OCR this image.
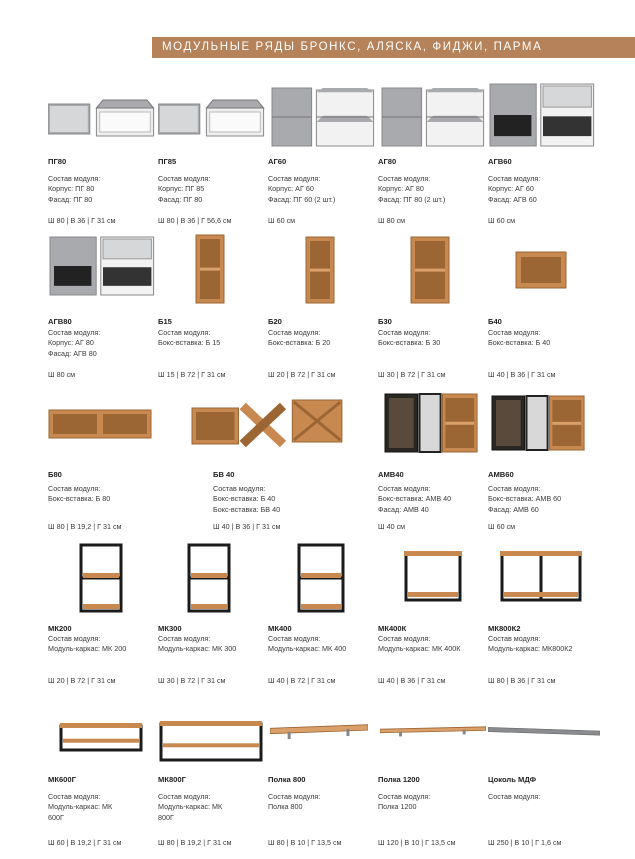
МОДУЛЬНЫЕ РЯДЫ БРОНКС, АЛЯСКА, ФИДЖИ, ПАРМА
ПГ80
Состав модуля:
Корпус: ПГ 80
Фасад: ПГ 80
Ш 80 | В 36 | Г 31 см
ПГ85
Состав модуля:
Корпус: ПГ 85
Фасад: ПГ 80
Ш 80 | В 36 | Г 56,6 см
АГ60
Состав модуля:
Корпус: АГ 60
Фасад: ПГ 60 (2 шт.)
Ш 60 см
АГ80
Состав модуля:
Корпус: АГ 80
Фасад: ПГ 80 (2 шт.)
Ш 80 см
АГВ60
Состав модуля:
Корпус: АГ 60
Фасад: АГВ 60
Ш 60 см
АГВ80
Состав модуля:
Корпус: АГ 80
Фасад: АГВ 80
Ш 80 см
Б15
Состав модуля:
Бокс-вставка: Б 15
Ш 15 | В 72 | Г 31 см
Б20
Состав модуля:
Бокс-вставка: Б 20
Ш 20 | В 72 | Г 31 см
Б30
Состав модуля:
Бокс-вставка: Б 30
Ш 30 | В 72 | Г 31 см
Б40
Состав модуля:
Бокс-вставка: Б 40
Ш 40 | В 36 | Г 31 см
Б80
Состав модуля:
Бокс-вставка: Б 80
Ш 80 | В 19,2 | Г 31 см
БВ 40
Состав модуля:
Бокс-вставка: Б 40
Бокс-вставка: БВ 40
Ш 40 | В 36 | Г 31 см
АМВ40
Состав модуля:
Бокс-вставка: АМВ 40
Фасад: АМВ 40
Ш 40 см
АМВ60
Состав модуля:
Бокс-вставка: АМВ 60
Фасад: АМВ 60
Ш 60 см
МК200
Состав модуля:
Модуль-каркас: МК 200
Ш 20 | В 72 | Г 31 см
МК300
Состав модуля:
Модуль-каркас: МК 300
Ш 30 | В 72 | Г 31 см
МК400
Состав модуля:
Модуль-каркас: МК 400
Ш 40 | В 72 | Г 31 см
МК400К
Состав модуля:
Модуль-каркас: МК 400К
Ш 40 | В 36 | Г 31 см
МК800К2
Состав модуля:
Модуль-каркас: МК800К2
Ш 80 | В 36 | Г 31 см
МК600Г
Состав модуля:
Модуль-каркас: МК
600Г
Ш 60 | В 19,2 | Г 31 см
МК800Г
Состав модуля:
Модуль-каркас: МК
800Г
Ш 80 | В 19,2 | Г 31 см
Полка 800
Состав модуля:
Полка 800
Ш 80 | В 10 | Г 13,5 см
Полка 1200
Состав модуля:
Полка 1200
Ш 120 | В 10 | Г 13,5 см
Цоколь МДФ
Состав модуля:
Ш 250 | В 10 | Г 1,6 см
